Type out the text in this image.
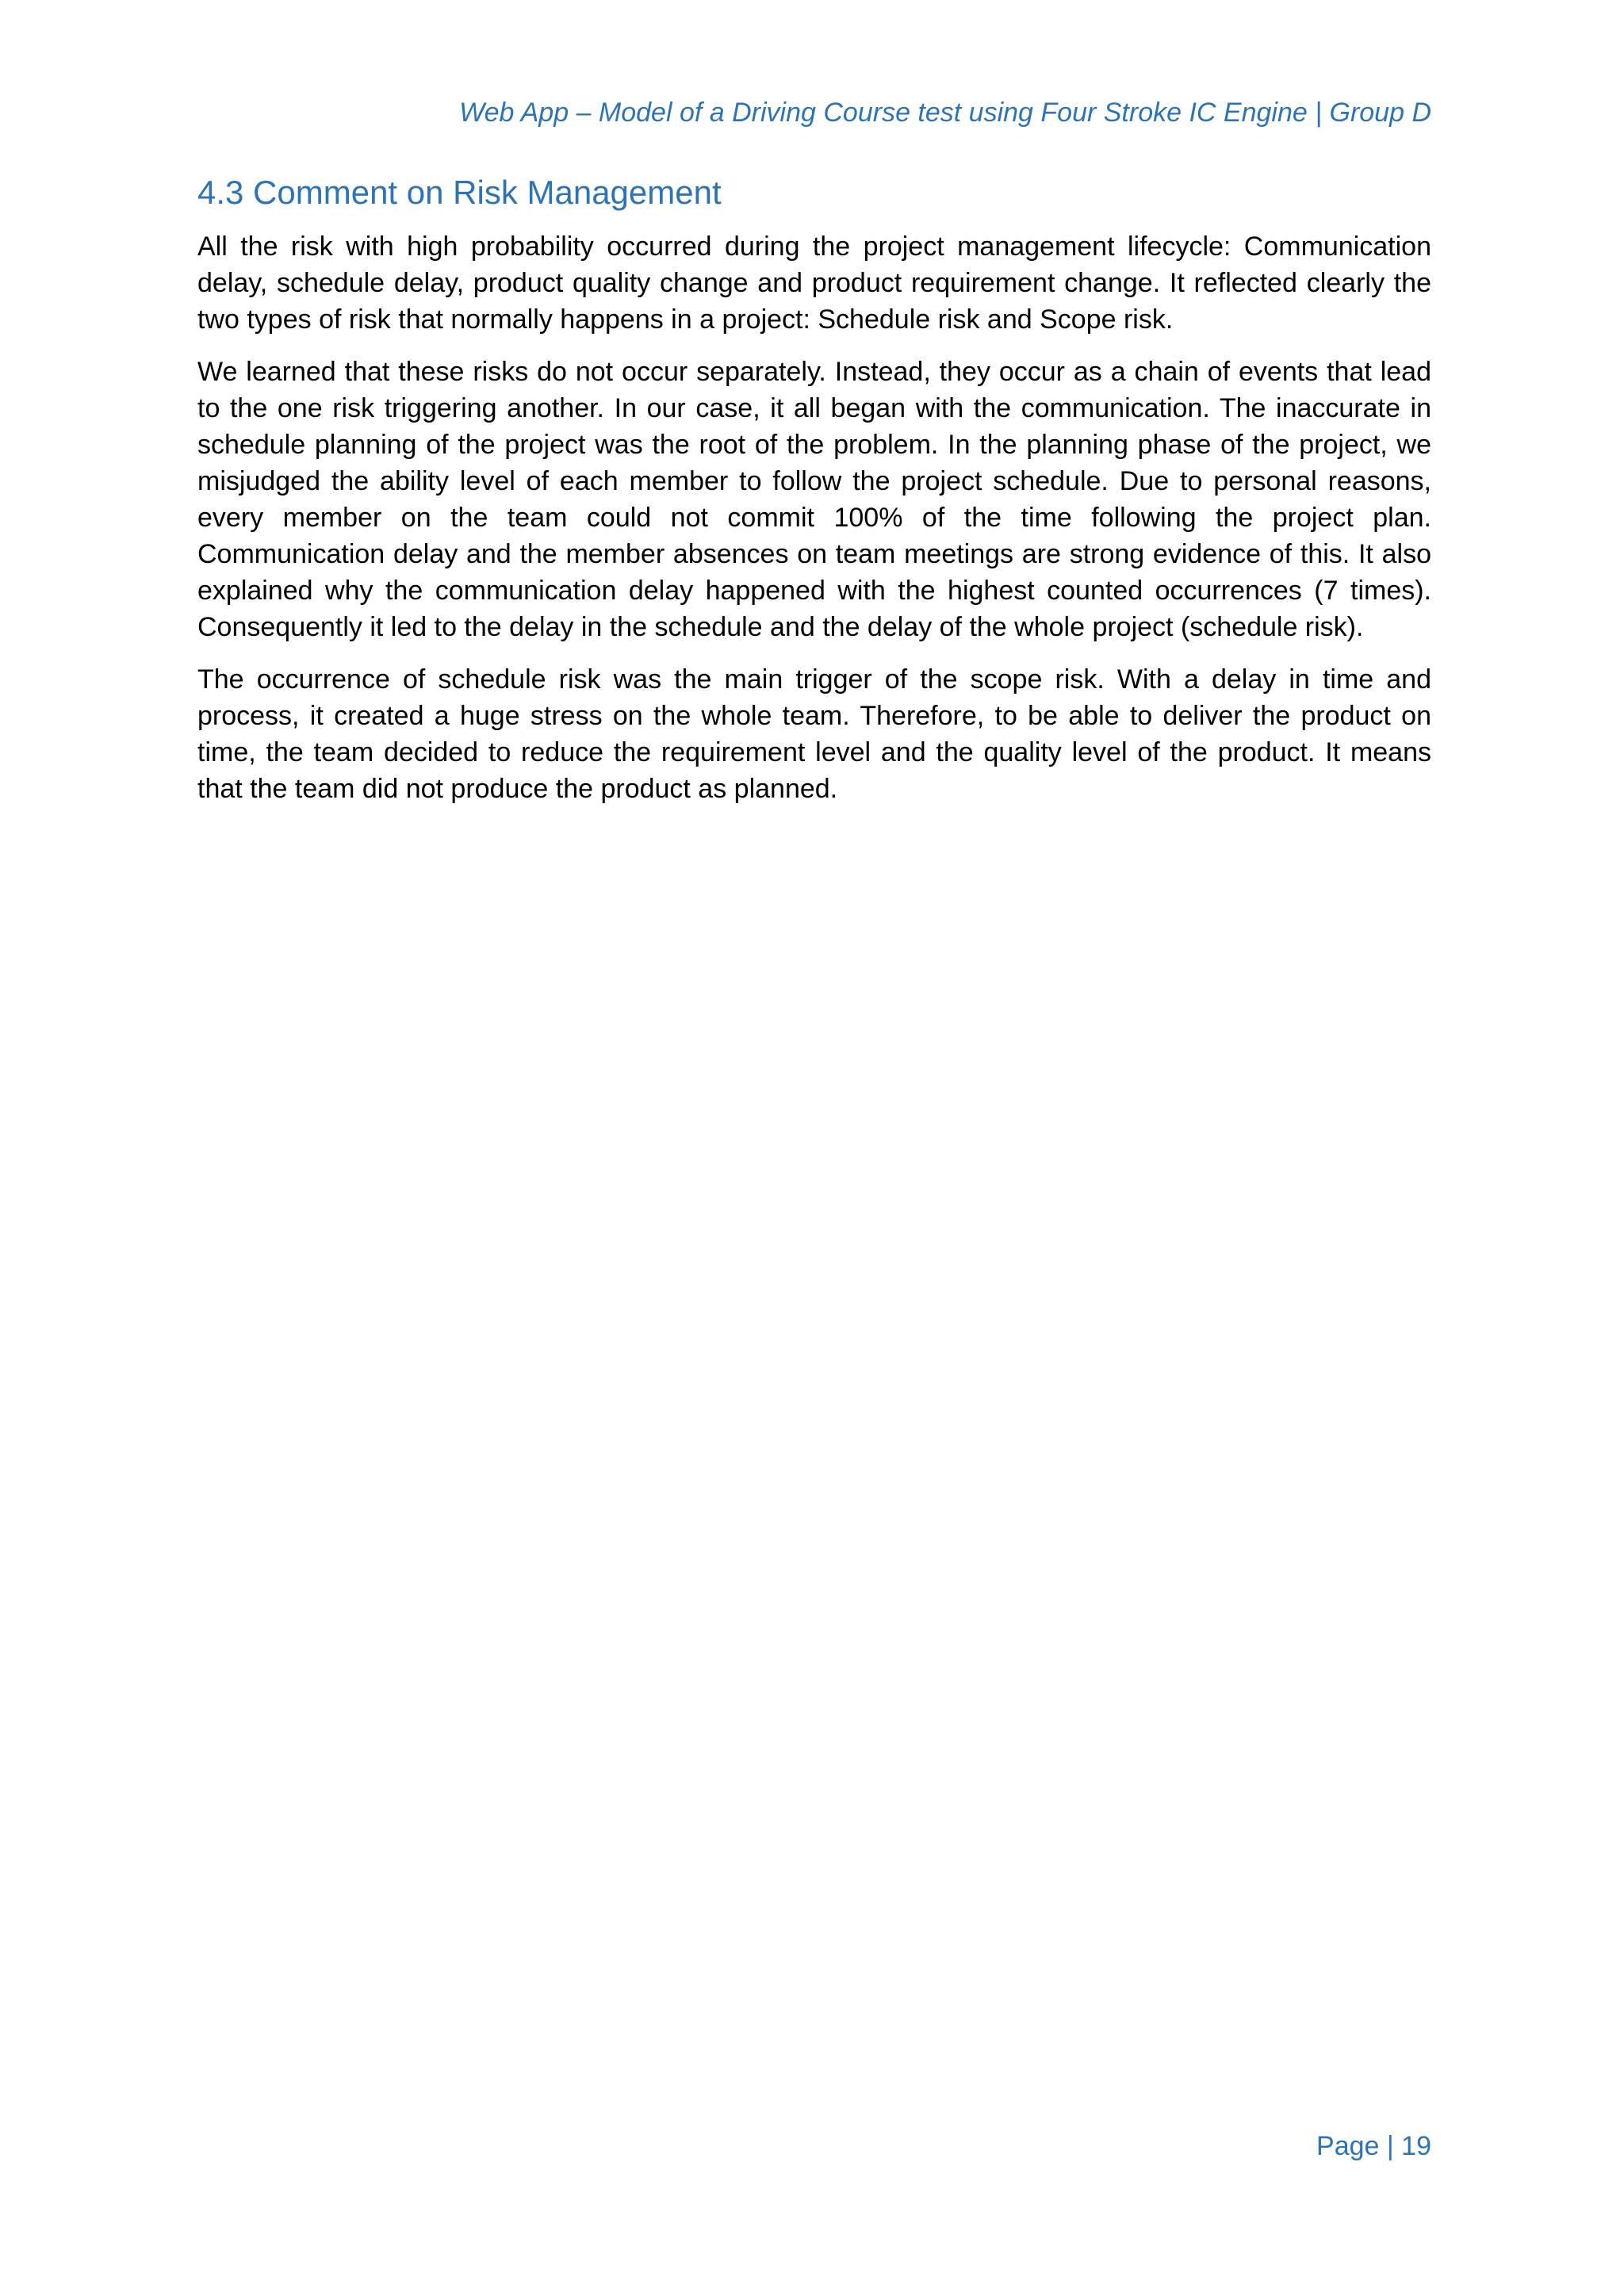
Web App – Model of a Driving Course test using Four Stroke IC Engine | Group D
4.3 Comment on Risk Management

All the risk with high probability occurred during the project management lifecycle: Communication delay, schedule delay, product quality change and product requirement change. It reflected clearly the two types of risk that normally happens in a project: Schedule risk and Scope risk.

We learned that these risks do not occur separately. Instead, they occur as a chain of events that lead to the one risk triggering another. In our case, it all began with the communication. The inaccurate in schedule planning of the project was the root of the problem. In the planning phase of the project, we misjudged the ability level of each member to follow the project schedule. Due to personal reasons, every member on the team could not commit 100% of the time following the project plan. Communication delay and the member absences on team meetings are strong evidence of this. It also explained why the communication delay happened with the highest counted occurrences (7 times). Consequently it led to the delay in the schedule and the delay of the whole project (schedule risk).

The occurrence of schedule risk was the main trigger of the scope risk. With a delay in time and process, it created a huge stress on the whole team. Therefore, to be able to deliver the product on time, the team decided to reduce the requirement level and the quality level of the product. It means that the team did not produce the product as planned.

Page | 19
